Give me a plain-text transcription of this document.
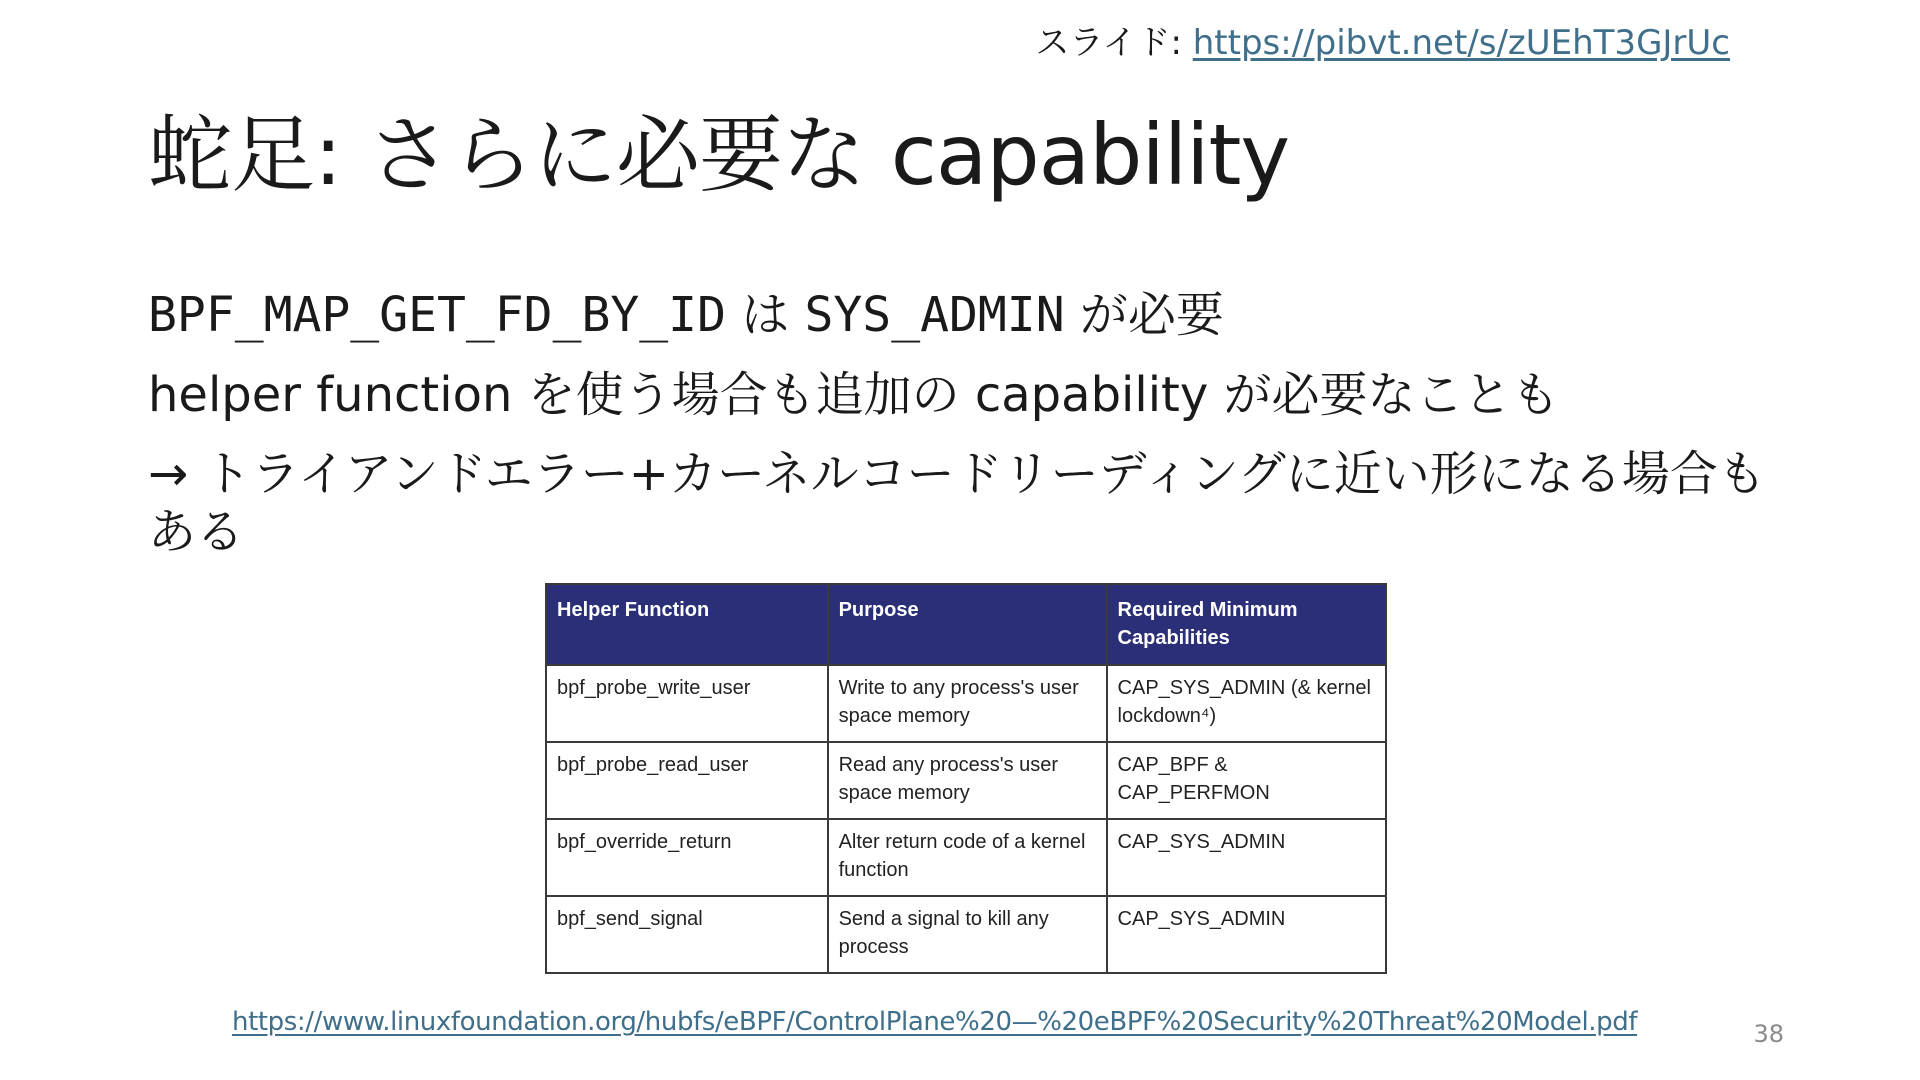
スライド: https://pibvt.net/s/zUEhT3GJrUc
蛇足: さらに必要な capability
BPF_MAP_GET_FD_BY_ID は SYS_ADMIN が必要
helper function を使う場合も追加の capability が必要なことも
→ トライアンドエラー+カーネルコードリーディングに近い形になる場合もある
Helper Function	Purpose	Required Minimum Capabilities
bpf_probe_write_user	Write to any process's user space memory	CAP_SYS_ADMIN (& kernel lockdown⁴)
bpf_probe_read_user	Read any process's user space memory	CAP_BPF & CAP_PERFMON
bpf_override_return	Alter return code of a kernel function	CAP_SYS_ADMIN
bpf_send_signal	Send a signal to kill any process	CAP_SYS_ADMIN
https://www.linuxfoundation.org/hubfs/eBPF/ControlPlane%20—%20eBPF%20Security%20Threat%20Model.pdf	38
